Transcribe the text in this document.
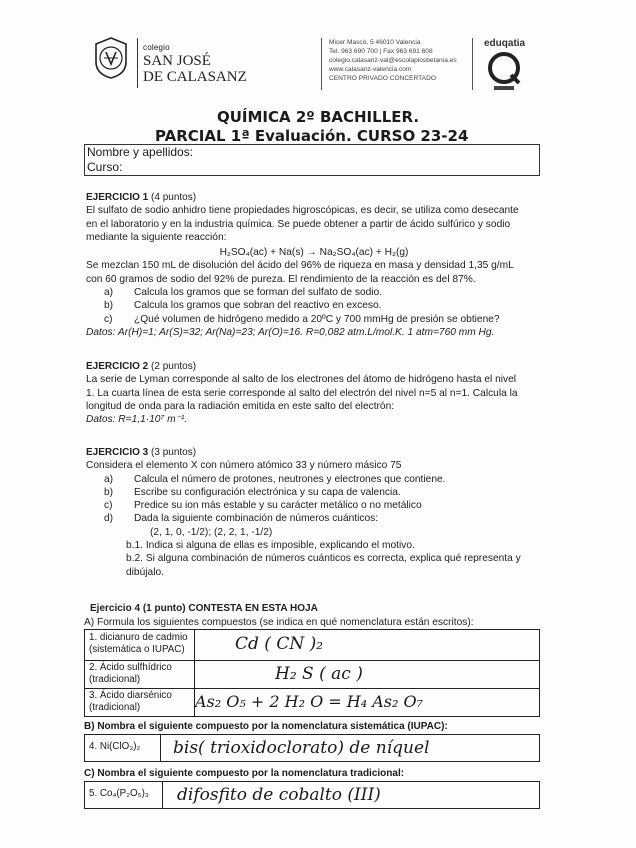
colegio
SAN JOSÉ
DE CALASANZ
Micer Mascó, 5 46010 Valencia
Tel. 963 690 700 | Fax 963 691 608
colegio.calasanz-val@escolapiosbetania.es
www.calasanz-valencia.com
CENTRO PRIVADO CONCERTADO
eduqatia
QUÍMICA 2º BACHILLER.
PARCIAL 1ª Evaluación. CURSO 23-24
Nombre y apellidos:
Curso:
EJERCICIO 1 (4 puntos)
El sulfato de sodio anhidro tiene propiedades higroscópicas, es decir, se utiliza como desecante
en el laboratorio y en la industria química. Se puede obtener a partir de ácido sulfúrico y sodio
mediante la siguiente reacción:
H₂SO₄(ac) + Na(s) → Na₂SO₄(ac) + H₂(g)
Se mezclan 150 mL de disolución del ácido del 96% de riqueza en masa y densidad 1,35 g/mL
con 60 gramos de sodio del 92% de pureza. El rendimiento de la reacción es del 87%.
a)	Calcula los gramos que se forman del sulfato de sodio.
b)	Calcula los gramos que sobran del reactivo en exceso.
c)	¿Qué volumen de hidrógeno medido a 20ºC y 700 mmHg de presión se obtiene?
Datos: Ar(H)=1; Ar(S)=32; Ar(Na)=23; Ar(O)=16. R=0,082 atm.L/mol.K. 1 atm=760 mm Hg.
EJERCICIO 2 (2 puntos)
La serie de Lyman corresponde al salto de los electrones del átomo de hidrógeno hasta el nivel
1. La cuarta línea de esta serie corresponde al salto del electrón del nivel n=5 al n=1. Calcula la
longitud de onda para la radiación emitida en este salto del electrón:
Datos: R=1,1·10⁷ m⁻¹.
EJERCICIO 3 (3 puntos)
Considera el elemento X con número atómico 33 y número másico 75
a)	Calcula el número de protones, neutrones y electrones que contiene.
b)	Escribe su configuración electrónica y su capa de valencia.
c)	Predice su ion más estable y su carácter metálico o no metálico
d)	Dada la siguiente combinación de números cuánticos:
(2, 1, 0, -1/2); (2, 2, 1, -1/2)
b.1. Indica si alguna de ellas es imposible, explicando el motivo.
b.2. Si alguna combinación de números cuánticos es correcta, explica qué representa y
dibújalo.
Ejercicio 4 (1 punto) CONTESTA EN ESTA HOJA
A) Formula los siguientes compuestos (se indica en qué nomenclatura están escritos):
1. dicianuro de cadmio
(sistemática o IUPAC)	Cd ( CN )₂
2. Ácido sulfhídrico
(tradicional)	H₂ S ( ac )
3. Ácido diarsénico
(tradicional)	As₂ O₅ + 2 H₂ O = H₄ As₂ O₇
B) Nombra el siguiente compuesto por la nomenclatura sistemática (IUPAC):
4. Ni(ClO₃)₂	bis( trioxidoclorato) de níquel
C) Nombra el siguiente compuesto por la nomenclatura tradicional:
5. Co₄(P₂O₅)₃	difosfito de cobalto (III)
